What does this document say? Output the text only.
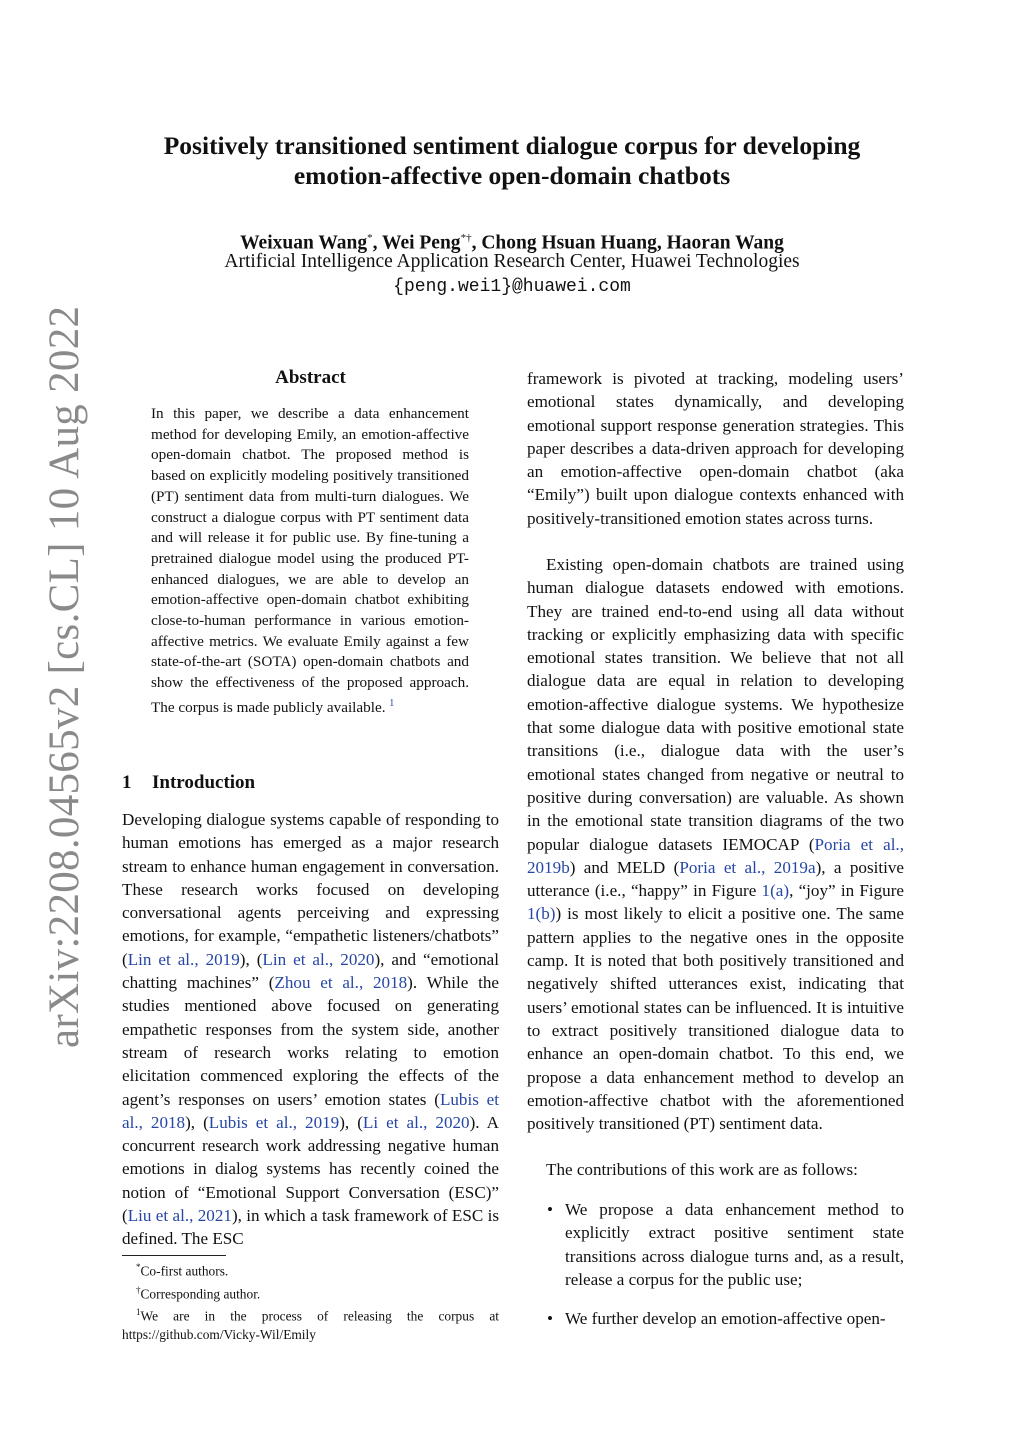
arXiv:2208.04565v2 [cs.CL] 10 Aug 2022
Positively transitioned sentiment dialogue corpus for developing
emotion-affective open-domain chatbots

Weixuan Wang*, Wei Peng*†, Chong Hsuan Huang, Haoran Wang

Artificial Intelligence Application Research Center, Huawei Technologies

{peng.wei1}@huawei.com

Abstract

In this paper, we describe a data enhancement method for developing Emily, an emotion-affective open-domain chatbot. The proposed method is based on explicitly modeling positively transitioned (PT) sentiment data from multi-turn dialogues. We construct a dialogue corpus with PT sentiment data and will release it for public use. By fine-tuning a pretrained dialogue model using the produced PT-enhanced dialogues, we are able to develop an emotion-affective open-domain chatbot exhibiting close-to-human performance in various emotion-affective metrics. We evaluate Emily against a few state-of-the-art (SOTA) open-domain chatbots and show the effectiveness of the proposed approach. The corpus is made publicly available. $^1$

1 Introduction

Developing dialogue systems capable of responding to human emotions has emerged as a major research stream to enhance human engagement in conversation. These research works focused on developing conversational agents perceiving and expressing emotions, for example, “empathetic listeners/chatbots” (Lin et al., 2019), (Lin et al., 2020), and “emotional chatting machines” (Zhou et al., 2018). While the studies mentioned above focused on generating empathetic responses from the system side, another stream of research works relating to emotion elicitation commenced exploring the effects of the agent’s responses on users’ emotion states (Lubis et al., 2018), (Lubis et al., 2019), (Li et al., 2020). A concurrent research work addressing negative human emotions in dialog systems has recently coined the notion of “Emotional Support Conversation (ESC)” (Liu et al., 2021), in which a task framework of ESC is defined. The ESC

*Co-first authors.

†Corresponding author.

$^1$We are in the process of releasing the corpus at

https://github.com/Vicky-Wil/Emily

framework is pivoted at tracking, modeling users’ emotional states dynamically, and developing emotional support response generation strategies. This paper describes a data-driven approach for developing an emotion-affective open-domain chatbot (aka “Emily”) built upon dialogue contexts enhanced with positively-transitioned emotion states across turns.

Existing open-domain chatbots are trained using human dialogue datasets endowed with emotions. They are trained end-to-end using all data without tracking or explicitly emphasizing data with specific emotional states transition. We believe that not all dialogue data are equal in relation to developing emotion-affective dialogue systems. We hypothesize that some dialogue data with positive emotional state transitions (i.e., dialogue data with the user’s emotional states changed from negative or neutral to positive during conversation) are valuable. As shown in the emotional state transition diagrams of the two popular dialogue datasets IEMOCAP (Poria et al., 2019b) and MELD (Poria et al., 2019a), a positive utterance (i.e., “happy” in Figure 1(a), “joy” in Figure 1(b)) is most likely to elicit a positive one. The same pattern applies to the negative ones in the opposite camp. It is noted that both positively transitioned and negatively shifted utterances exist, indicating that users’ emotional states can be influenced. It is intuitive to extract positively transitioned dialogue data to enhance an open-domain chatbot. To this end, we propose a data enhancement method to develop an emotion-affective chatbot with the aforementioned positively transitioned (PT) sentiment data.

The contributions of this work are as follows:

• We propose a data enhancement method to explicitly extract positive sentiment state transitions across dialogue turns and, as a result, release a corpus for the public use;
• We further develop an emotion-affective open-
